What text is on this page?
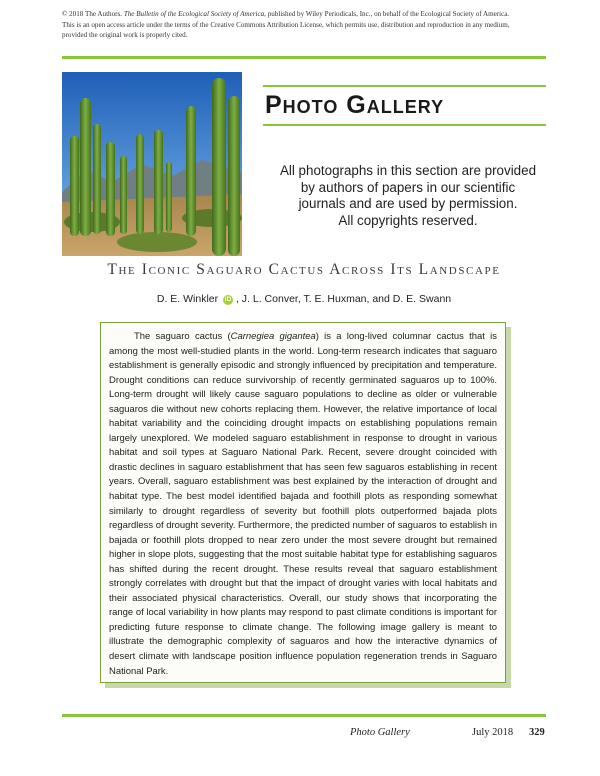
© 2018 The Authors. The Bulletin of the Ecological Society of America, published by Wiley Periodicals, Inc., on behalf of the Ecological Society of America.
This is an open access article under the terms of the Creative Commons Attribution License, which permits use, distribution and reproduction in any medium,
provided the original work is properly cited.
Photo Gallery
All photographs in this section are provided
by authors of papers in our scientific
journals and are used by permission.
All copyrights reserved.
The Iconic Saguaro Cactus Across Its Landscape
D. E. Winkler iD , J. L. Conver, T. E. Huxman, and D. E. Swann

The saguaro cactus (Carnegiea gigantea) is a long-lived columnar cactus that is among the most well-studied plants in the world. Long-term research indicates that saguaro establishment is generally episodic and strongly influenced by precipitation and temperature. Drought conditions can reduce survivorship of recently germinated saguaros up to 100%. Long-term drought will likely cause saguaro populations to decline as older or vulnerable saguaros die without new cohorts replacing them. However, the relative importance of local habitat variability and the coinciding drought impacts on establishing populations remain largely unexplored. We modeled saguaro establishment in response to drought in various habitat and soil types at Saguaro National Park. Recent, severe drought coincided with drastic declines in saguaro establishment that has seen few saguaros establishing in recent years. Overall, saguaro establishment was best explained by the interaction of drought and habitat type. The best model identified bajada and foothill plots as responding somewhat similarly to drought regardless of severity but foothill plots outperformed bajada plots regardless of drought severity. Furthermore, the predicted number of saguaros to establish in bajada or foothill plots dropped to near zero under the most severe drought but remained higher in slope plots, suggesting that the most suitable habitat type for establishing saguaros has shifted during the recent drought. These results reveal that saguaro establishment strongly correlates with drought but that the impact of drought varies with local habitats and their associated physical characteristics. Overall, our study shows that incorporating the range of local variability in how plants may respond to past climate conditions is important for predicting future response to climate change. The following image gallery is meant to illustrate the demographic complexity of saguaros and how the interactive dynamics of desert climate with landscape position influence population regeneration trends in Saguaro National Park.

Photo Gallery	July 2018 329
